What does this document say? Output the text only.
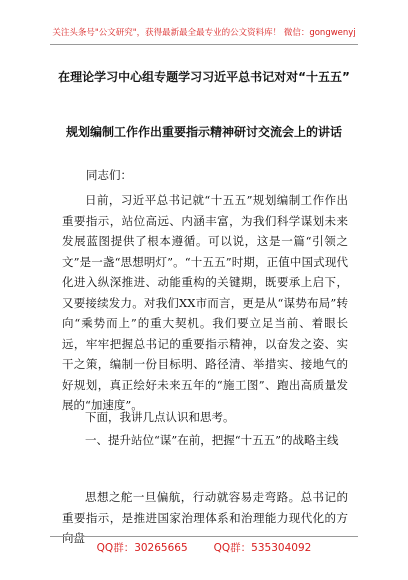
关注头条号"公文研究"，获得最新最全最专业的公文资料库！ 微信：gongwenyj
在理论学习中心组专题学习习近平总书记对对“十五五”
规划编制工作作出重要指示精神研讨交流会上的讲话

同志们：

日前，习近平总书记就“十五五”规划编制工作作出重要指示，站位高远、内涵丰富，为我们科学谋划未来发展蓝图提供了根本遵循。可以说，这是一篇“引领之文”是一盏“思想明灯”。“十五五”时期，正值中国式现代化进入纵深推进、动能重构的关键期，既要承上启下，又要接续发力。对我们XX市而言，更是从“谋势布局”转向“乘势而上”的重大契机。我们要立足当前、着眼长远，牢牢把握总书记的重要指示精神，以奋发之姿、实干之策，编制一份目标明、路径清、举措实、接地气的好规划，真正绘好未来五年的“施工图”、跑出高质量发展的“加速度”。

下面，我讲几点认识和思考。

一、提升站位“谋”在前，把握“十五五”的战略主线

思想之舵一旦偏航，行动就容易走弯路。总书记的重要指示，是推进国家治理体系和治理能力现代化的方向盘

QQ群：30265665 QQ群：535304092
